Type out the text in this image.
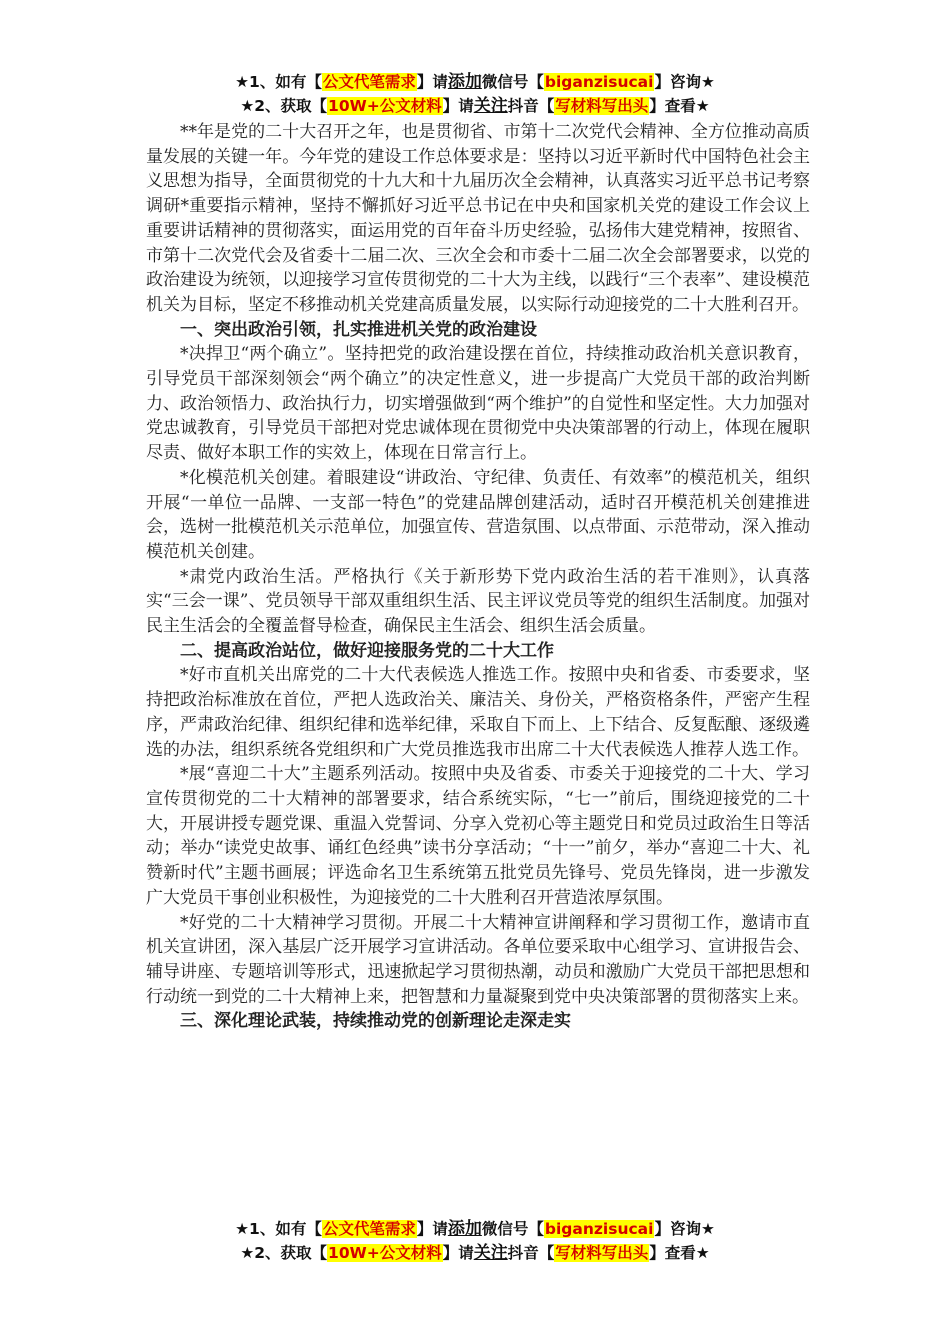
★1、如有【公文代笔需求】请添加微信号【biganzisucai】咨询★
★2、获取【10W+公文材料】请关注抖音【写材料写出头】查看★

**年是党的二十大召开之年，也是贯彻省、市第十二次党代会精神、全方位推动高质量发展的关键一年。今年党的建设工作总体要求是：坚持以习近平新时代中国特色社会主义思想为指导，全面贯彻党的十九大和十九届历次全会精神，认真落实习近平总书记考察调研*重要指示精神，坚持不懈抓好习近平总书记在中央和国家机关党的建设工作会议上重要讲话精神的贯彻落实，面运用党的百年奋斗历史经验，弘扬伟大建党精神，按照省、市第十二次党代会及省委十二届二次、三次全会和市委十二届二次全会部署要求，以党的政治建设为统领，以迎接学习宣传贯彻党的二十大为主线，以践行“三个表率”、建设模范机关为目标，坚定不移推动机关党建高质量发展，以实际行动迎接党的二十大胜利召开。

一、突出政治引领，扎实推进机关党的政治建设

*决捍卫“两个确立”。坚持把党的政治建设摆在首位，持续推动政治机关意识教育，引导党员干部深刻领会“两个确立”的决定性意义，进一步提高广大党员干部的政治判断力、政治领悟力、政治执行力，切实增强做到“两个维护”的自觉性和坚定性。大力加强对党忠诚教育，引导党员干部把对党忠诚体现在贯彻党中央决策部署的行动上，体现在履职尽责、做好本职工作的实效上，体现在日常言行上。

*化模范机关创建。着眼建设“讲政治、守纪律、负责任、有效率”的模范机关，组织开展“一单位一品牌、一支部一特色”的党建品牌创建活动，适时召开模范机关创建推进会，选树一批模范机关示范单位，加强宣传、营造氛围、以点带面、示范带动，深入推动模范机关创建。

*肃党内政治生活。严格执行《关于新形势下党内政治生活的若干准则》，认真落实“三会一课”、党员领导干部双重组织生活、民主评议党员等党的组织生活制度。加强对民主生活会的全覆盖督导检查，确保民主生活会、组织生活会质量。

二、提高政治站位，做好迎接服务党的二十大工作

*好市直机关出席党的二十大代表候选人推选工作。按照中央和省委、市委要求，坚持把政治标准放在首位，严把人选政治关、廉洁关、身份关，严格资格条件，严密产生程序，严肃政治纪律、组织纪律和选举纪律，采取自下而上、上下结合、反复酝酿、逐级遴选的办法，组织系统各党组织和广大党员推选我市出席二十大代表候选人推荐人选工作。

*展“喜迎二十大”主题系列活动。按照中央及省委、市委关于迎接党的二十大、学习宣传贯彻党的二十大精神的部署要求，结合系统实际，“七一”前后，围绕迎接党的二十大，开展讲授专题党课、重温入党誓词、分享入党初心等主题党日和党员过政治生日等活动；举办“读党史故事、诵红色经典”读书分享活动；“十一”前夕，举办“喜迎二十大、礼赞新时代”主题书画展；评选命名卫生系统第五批党员先锋号、党员先锋岗，进一步激发广大党员干事创业积极性，为迎接党的二十大胜利召开营造浓厚氛围。

*好党的二十大精神学习贯彻。开展二十大精神宣讲阐释和学习贯彻工作，邀请市直机关宣讲团，深入基层广泛开展学习宣讲活动。各单位要采取中心组学习、宣讲报告会、辅导讲座、专题培训等形式，迅速掀起学习贯彻热潮，动员和激励广大党员干部把思想和行动统一到党的二十大精神上来，把智慧和力量凝聚到党中央决策部署的贯彻落实上来。

三、深化理论武装，持续推动党的创新理论走深走实
★1、如有【公文代笔需求】请添加微信号【biganzisucai】咨询★
★2、获取【10W+公文材料】请关注抖音【写材料写出头】查看★
